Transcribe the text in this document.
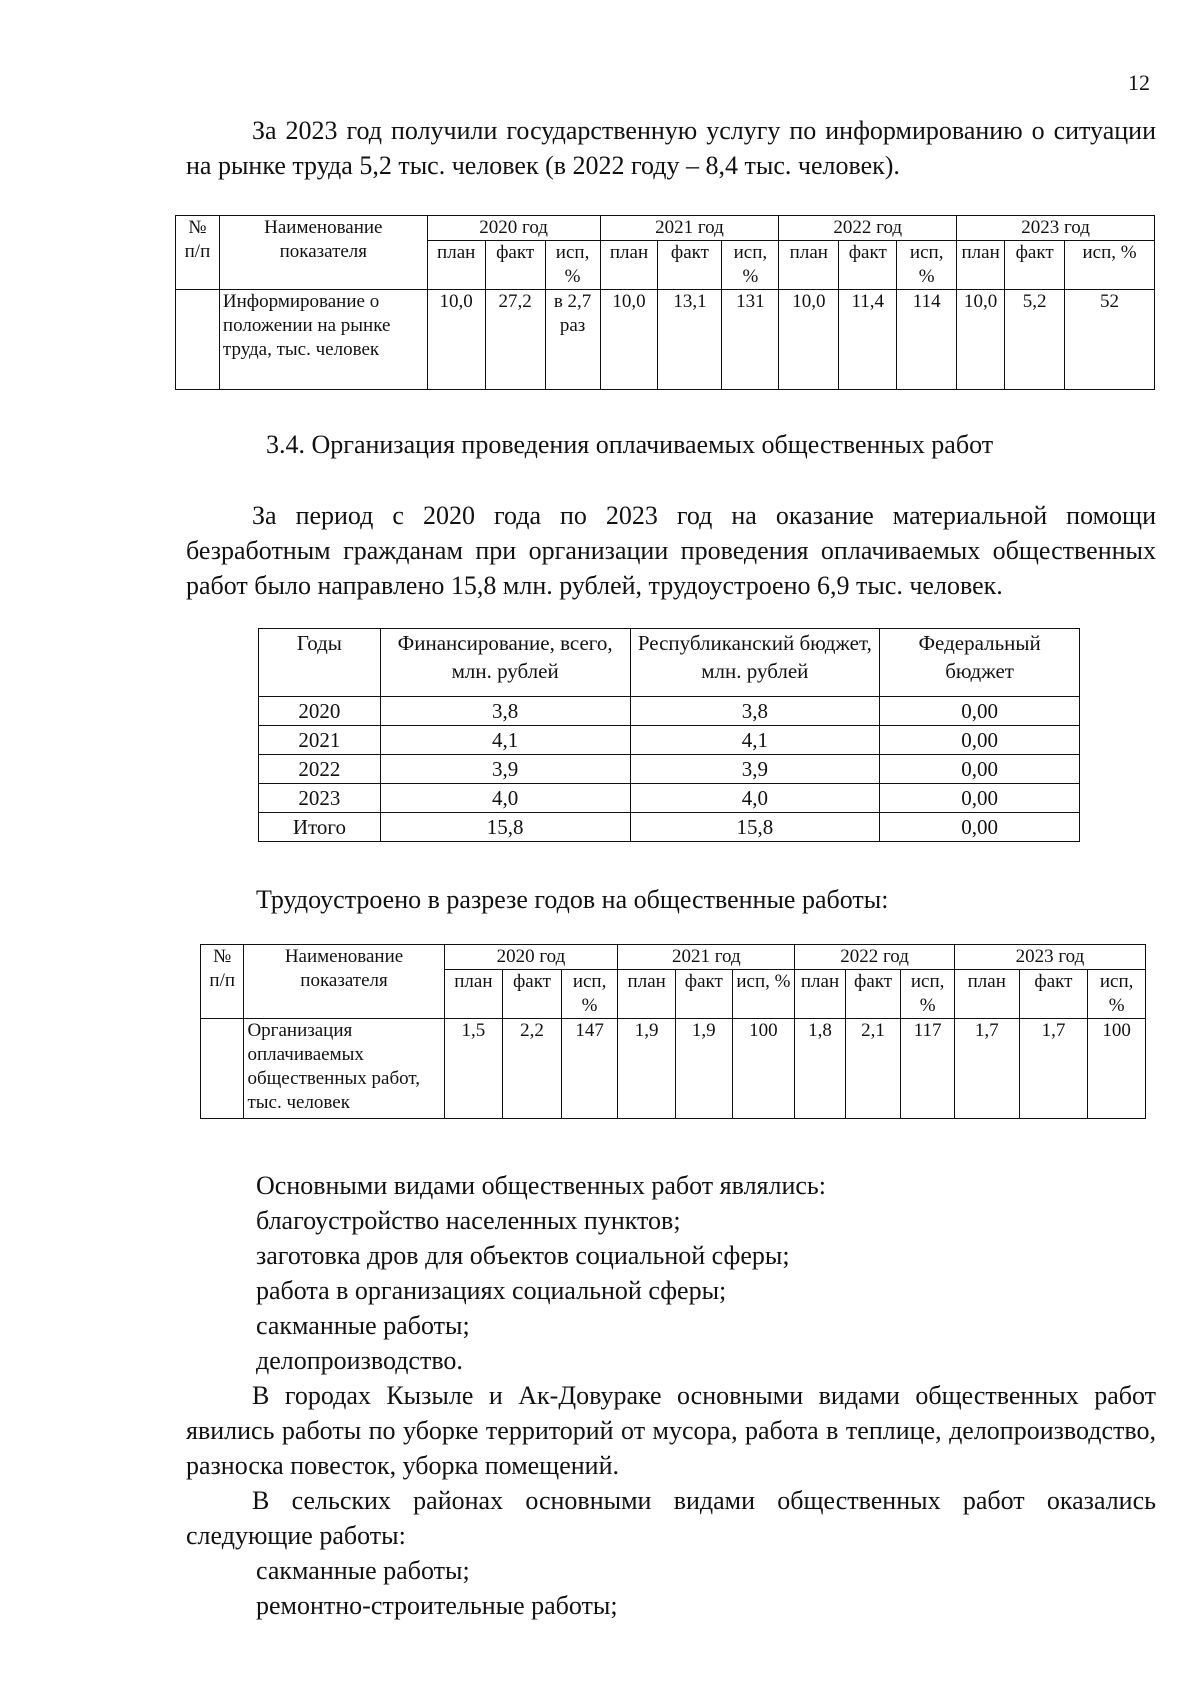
12

За 2023 год получили государственную услугу по информированию о ситуации на рынке труда 5,2 тыс. человек (в 2022 году – 8,4 тыс. человек).

№ п/п	Наименование показателя	2020 год			2021 год			2022 год			2023 год		
		план	факт	исп, %	план	факт	исп, %	план	факт	исп, %	план	факт	исп, %
	Информирование о положении на рынке труда, тыс. человек	10,0	27,2	в 2,7 раз	10,0	13,1	131	10,0	11,4	114	10,0	5,2	52
3.4. Организация проведения оплачиваемых общественных работ

За период с 2020 года по 2023 год на оказание материальной помощи безработным гражданам при организации проведения оплачиваемых общественных работ было направлено 15,8 млн. рублей, трудоустроено 6,9 тыс. человек.

Годы	Финансирование, всего, млн. рублей	Республиканский бюджет, млн. рублей	Федеральный бюджет
2020	3,8	3,8	0,00
2021	4,1	4,1	0,00
2022	3,9	3,9	0,00
2023	4,0	4,0	0,00
Итого	15,8	15,8	0,00
Трудоустроено в разрезе годов на общественные работы:
№ п/п	Наименование показателя	2020 год			2021 год			2022 год			2023 год		
		план	факт	исп, %	план	факт	исп, %	план	факт	исп, %	план	факт	исп, %
	Организация оплачиваемых общественных работ, тыс. человек	1,5	2,2	147	1,9	1,9	100	1,8	2,1	117	1,7	1,7	100
Основными видами общественных работ являлись:
благоустройство населенных пунктов;
заготовка дров для объектов социальной сферы;
работа в организациях социальной сферы;
сакманные работы;
делопроизводство.

В городах Кызыле и Ак-Довураке основными видами общественных работ явились работы по уборке территорий от мусора, работа в теплице, делопроизводство, разноска повесток, уборка помещений.

В сельских районах основными видами общественных работ оказались следующие работы:

сакманные работы;
ремонтно-строительные работы;
